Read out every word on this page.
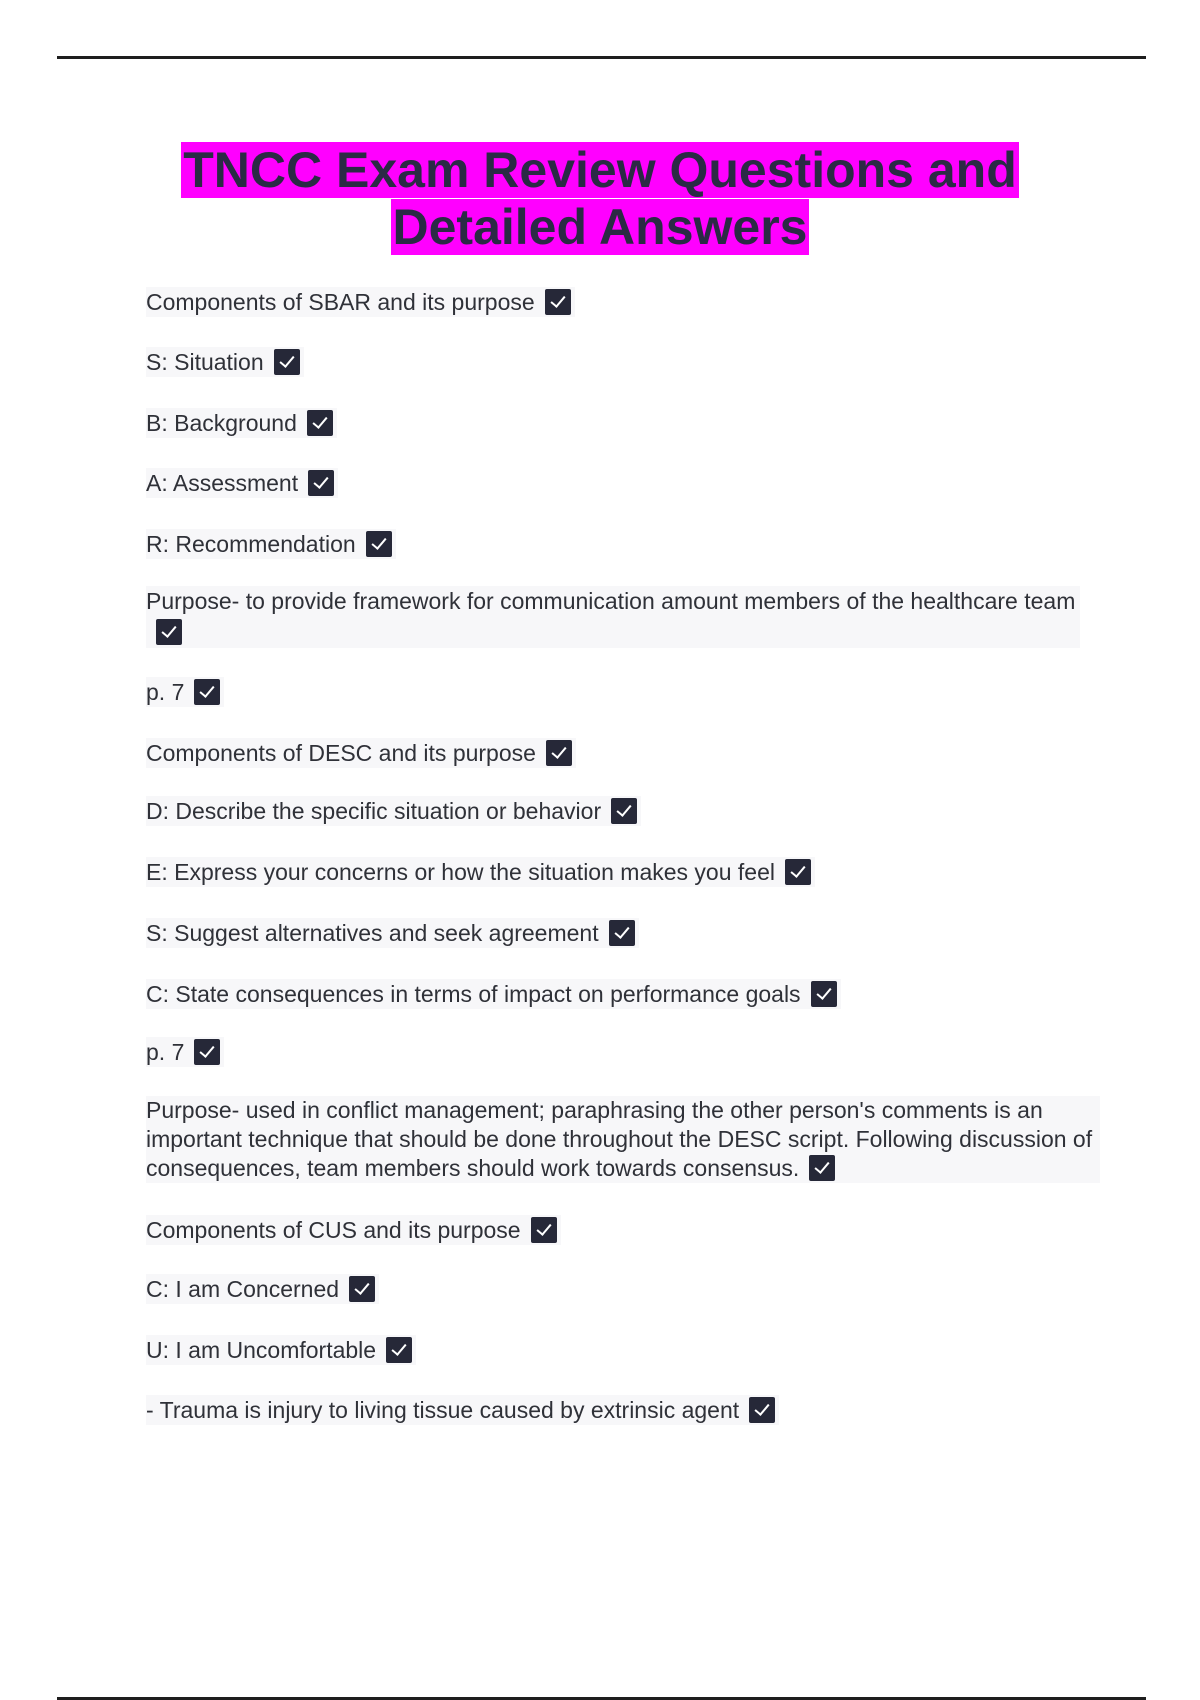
TNCC Exam Review Questions and
Detailed Answers
Components of SBAR and its purpose
S: Situation
B: Background
A: Assessment
R: Recommendation
Purpose- to provide framework for communication amount members of the healthcare team
p. 7
Components of DESC and its purpose
D: Describe the specific situation or behavior
E: Express your concerns or how the situation makes you feel
S: Suggest alternatives and seek agreement
C: State consequences in terms of impact on performance goals
p. 7
Purpose- used in conflict management; paraphrasing the other person's comments is an important technique that should be done throughout the DESC script. Following discussion of consequences, team members should work towards consensus.
Components of CUS and its purpose
C: I am Concerned
U: I am Uncomfortable
- Trauma is injury to living tissue caused by extrinsic agent
